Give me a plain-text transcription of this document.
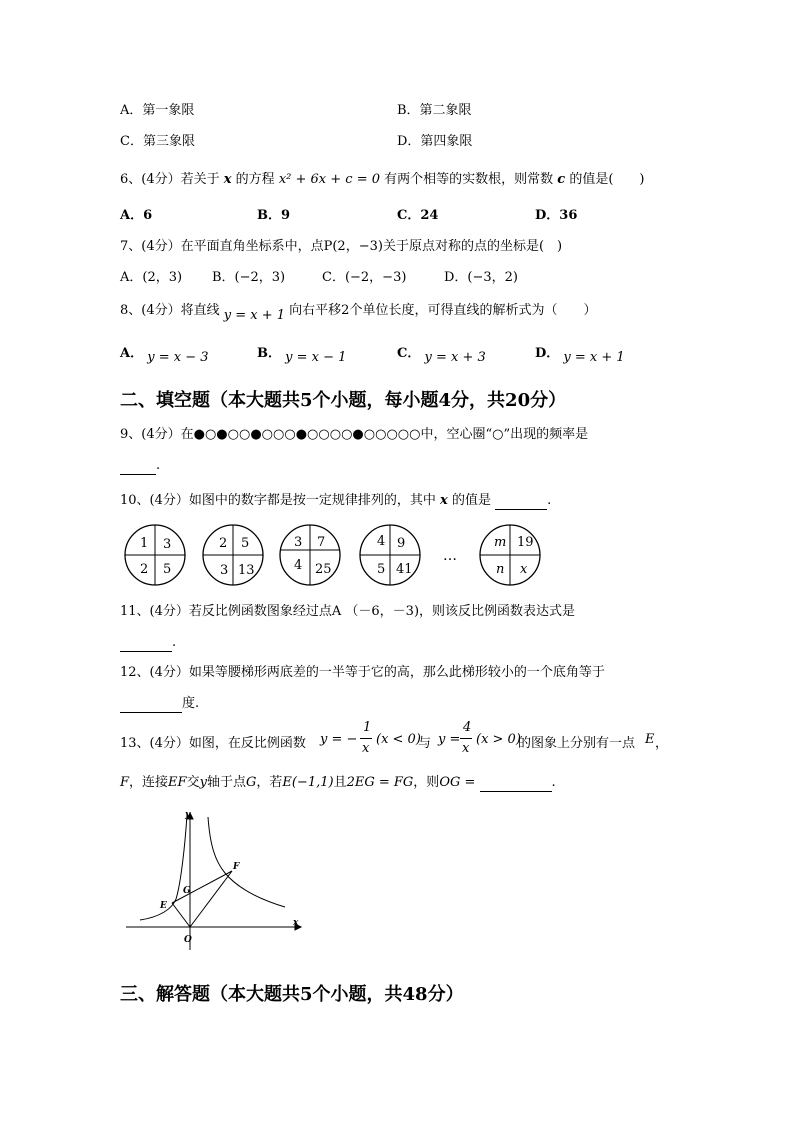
A．第一象限	B．第二象限
C．第三象限	D．第四象限
6、(4分）若关于 x 的方程 x² + 6x + c = 0 有两个相等的实数根，则常数 c 的值是(　　)
A．6	B．9	C．24	D．36
7、(4分）在平面直角坐标系中，点P(2，−3)关于原点对称的点的坐标是(　)
A．(2，3) B．(−2，3)	C．(−2，−3)	D．(−3，2)
8、(4分）将直线 y = x + 1 向右平移2个单位长度，可得直线的解析式为（　　）
A． y = x − 3	B． y = x − 1	C． y = x + 3	D． y = x + 1
二、填空题（本大题共5个小题，每小题4分，共20分）
9、(4分）在●○●○○●○○○●○○○○●○○○○○中，空心圈“○”出现的频率是
.
10、(4分）如图中的数字都是按一定规律排列的，其中 x 的值是	.
1 3
2 5
2 5
3 13
3 7
4 25
4 9
5 41
…
m 19
n x
11、(4分）若反比例函数图象经过点A （－6，－3)，则该反比例函数表达式是
.
12、(4分）如果等腰梯形两底差的一半等于它的高，那么此梯形较小的一个底角等于
度.
13、(4分）如图，在反比例函数 y = −
1
x
(x < 0)
与 y =
4
x
(x > 0)
的图象上分别有一点 E ，
F，连接EF交y轴于点G，若E(−1,1)且2EG = FG，则OG =	.
y
x
O
E
G
F
三、解答题（本大题共5个小题，共48分）
